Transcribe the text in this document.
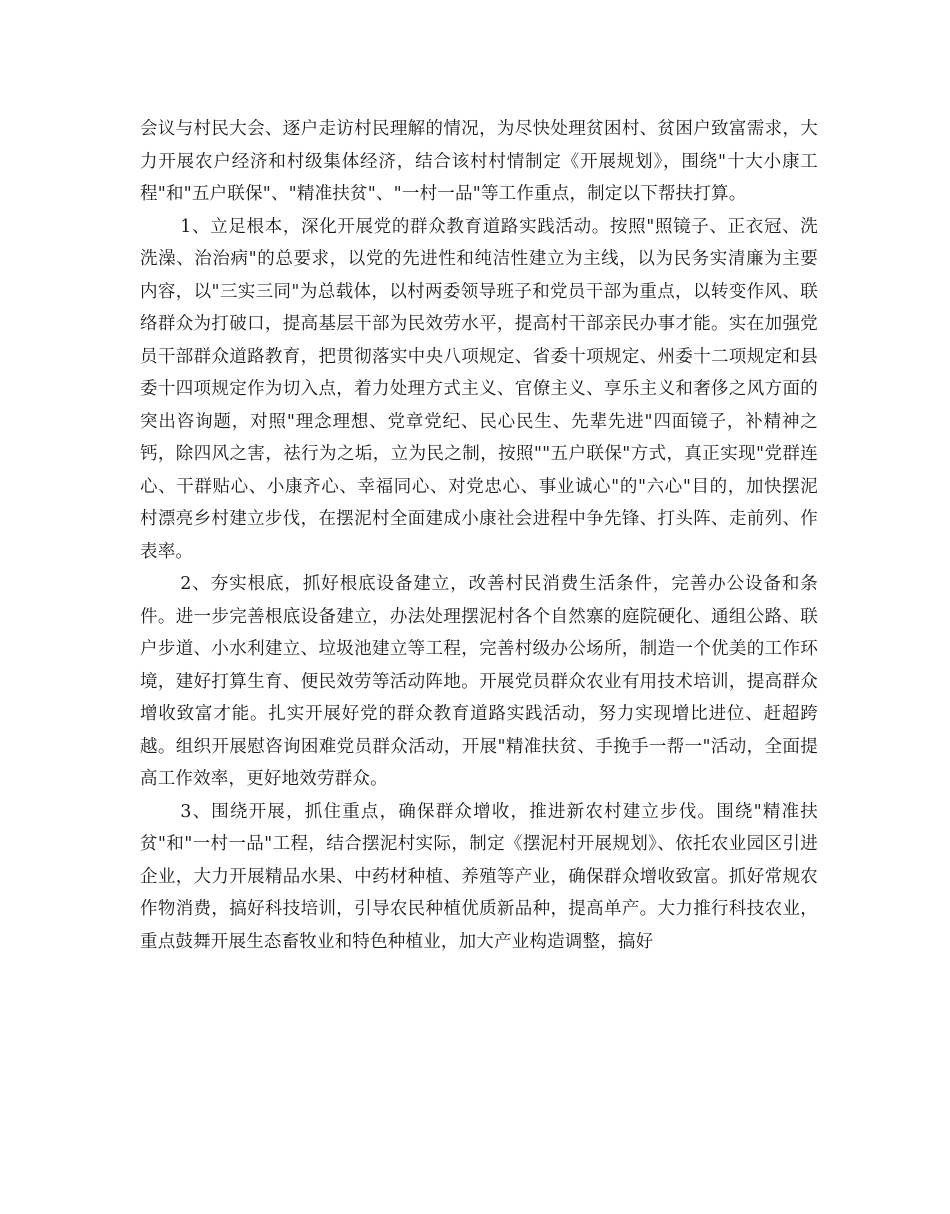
会议与村民大会、逐户走访村民理解的情况，为尽快处理贫困村、贫困户致富需求，大力开展农户经济和村级集体经济，结合该村村情制定《开展规划》，围绕"十大小康工程"和"五户联保"、"精准扶贫"、"一村一品"等工作重点，制定以下帮扶打算。

1、立足根本，深化开展党的群众教育道路实践活动。按照"照镜子、正衣冠、洗洗澡、治治病"的总要求，以党的先进性和纯洁性建立为主线，以为民务实清廉为主要内容，以"三实三同"为总载体，以村两委领导班子和党员干部为重点，以转变作风、联络群众为打破口，提高基层干部为民效劳水平，提高村干部亲民办事才能。实在加强党员干部群众道路教育，把贯彻落实中央八项规定、省委十项规定、州委十二项规定和县委十四项规定作为切入点，着力处理方式主义、官僚主义、享乐主义和奢侈之风方面的突出咨询题，对照"理念理想、党章党纪、民心民生、先辈先进"四面镜子，补精神之钙，除四风之害，祛行为之垢，立为民之制，按照""五户联保"方式，真正实现"党群连心、干群贴心、小康齐心、幸福同心、对党忠心、事业诚心"的"六心"目的，加快摆泥村漂亮乡村建立步伐，在摆泥村全面建成小康社会进程中争先锋、打头阵、走前列、作表率。

2、夯实根底，抓好根底设备建立，改善村民消费生活条件，完善办公设备和条件。进一步完善根底设备建立，办法处理摆泥村各个自然寨的庭院硬化、通组公路、联户步道、小水利建立、垃圾池建立等工程，完善村级办公场所，制造一个优美的工作环境，建好打算生育、便民效劳等活动阵地。开展党员群众农业有用技术培训，提高群众增收致富才能。扎实开展好党的群众教育道路实践活动，努力实现增比进位、赶超跨越。组织开展慰咨询困难党员群众活动，开展"精准扶贫、手挽手一帮一"活动，全面提高工作效率，更好地效劳群众。

3、围绕开展，抓住重点，确保群众增收，推进新农村建立步伐。围绕"精准扶贫"和"一村一品"工程，结合摆泥村实际，制定《摆泥村开展规划》、依托农业园区引进企业，大力开展精品水果、中药材种植、养殖等产业，确保群众增收致富。抓好常规农作物消费，搞好科技培训，引导农民种植优质新品种，提高单产。大力推行科技农业，重点鼓舞开展生态畜牧业和特色种植业，加大产业构造调整，搞好
